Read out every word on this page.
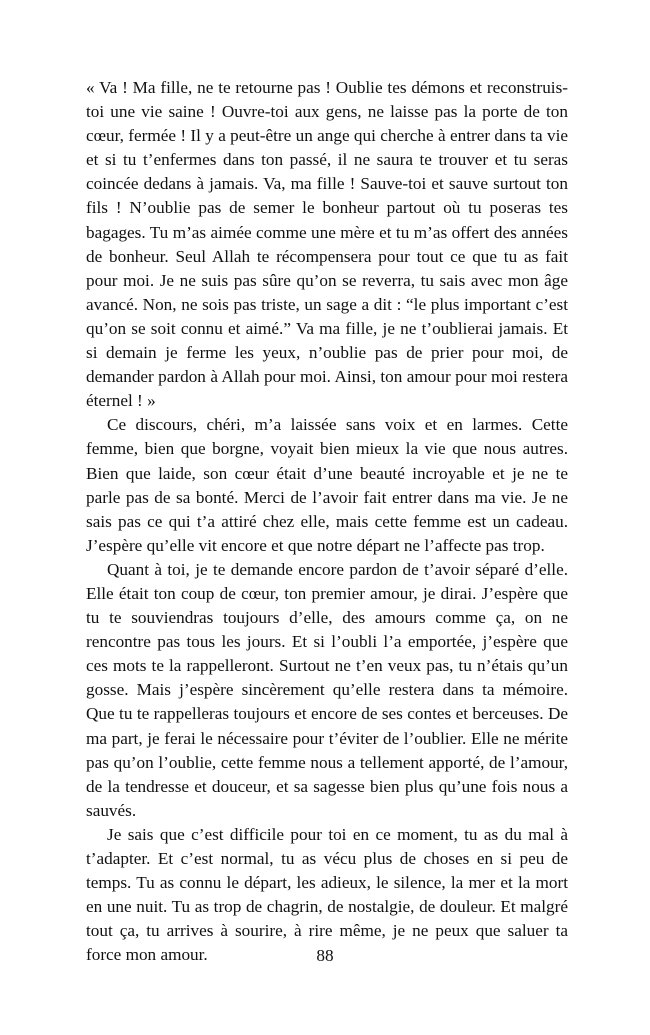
« Va ! Ma fille, ne te retourne pas ! Oublie tes démons et reconstruis-toi une vie saine ! Ouvre-toi aux gens, ne laisse pas la porte de ton cœur, fermée ! Il y a peut-être un ange qui cherche à entrer dans ta vie et si tu t’enfermes dans ton passé, il ne saura te trouver et tu seras coincée dedans à jamais. Va, ma fille ! Sauve-toi et sauve surtout ton fils ! N’oublie pas de semer le bonheur partout où tu poseras tes bagages. Tu m’as aimée comme une mère et tu m’as offert des années de bonheur. Seul Allah te récompensera pour tout ce que tu as fait pour moi. Je ne suis pas sûre qu’on se reverra, tu sais avec mon âge avancé. Non, ne sois pas triste, un sage a dit : “le plus important c’est qu’on se soit connu et aimé.” Va ma fille, je ne t’oublierai jamais. Et si demain je ferme les yeux, n’oublie pas de prier pour moi, de demander pardon à Allah pour moi. Ainsi, ton amour pour moi restera éternel ! »

Ce discours, chéri, m’a laissée sans voix et en larmes. Cette femme, bien que borgne, voyait bien mieux la vie que nous autres. Bien que laide, son cœur était d’une beauté incroyable et je ne te parle pas de sa bonté. Merci de l’avoir fait entrer dans ma vie. Je ne sais pas ce qui t’a attiré chez elle, mais cette femme est un cadeau. J’espère qu’elle vit encore et que notre départ ne l’affecte pas trop.

Quant à toi, je te demande encore pardon de t’avoir séparé d’elle. Elle était ton coup de cœur, ton premier amour, je dirai. J’espère que tu te souviendras toujours d’elle, des amours comme ça, on ne rencontre pas tous les jours. Et si l’oubli l’a emportée, j’espère que ces mots te la rappelleront. Surtout ne t’en veux pas, tu n’étais qu’un gosse. Mais j’espère sincèrement qu’elle restera dans ta mémoire. Que tu te rappelleras toujours et encore de ses contes et berceuses. De ma part, je ferai le nécessaire pour t’éviter de l’oublier. Elle ne mérite pas qu’on l’oublie, cette femme nous a tellement apporté, de l’amour, de la tendresse et douceur, et sa sagesse bien plus qu’une fois nous a sauvés.

Je sais que c’est difficile pour toi en ce moment, tu as du mal à t’adapter. Et c’est normal, tu as vécu plus de choses en si peu de temps. Tu as connu le départ, les adieux, le silence, la mer et la mort en une nuit. Tu as trop de chagrin, de nostalgie, de douleur. Et malgré tout ça, tu arrives à sourire, à rire même, je ne peux que saluer ta force mon amour.	88
